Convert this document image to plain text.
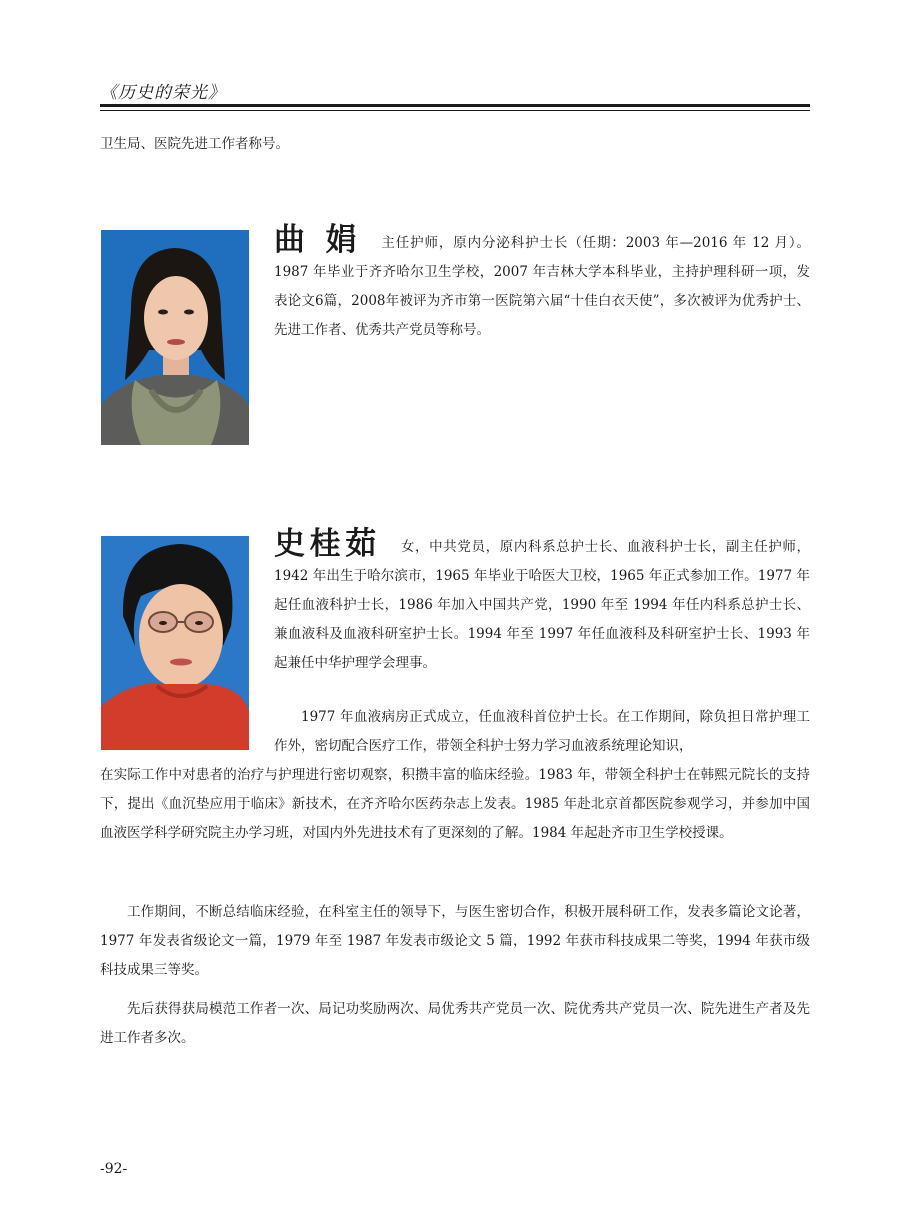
《历史的荣光》

卫生局、医院先进工作者称号。

曲 娟 主任护师，原内分泌科护士长（任期：2003 年—2016 年 12 月）。1987 年毕业于齐齐哈尔卫生学校，2007 年吉林大学本科毕业，主持护理科研一项，发表论文6篇，2008年被评为齐市第一医院第六届“十佳白衣天使”，多次被评为优秀护士、先进工作者、优秀共产党员等称号。

史桂茹 女，中共党员，原内科系总护士长、血液科护士长，副主任护师，1942 年出生于哈尔滨市，1965 年毕业于哈医大卫校，1965 年正式参加工作。1977 年起任血液科护士长，1986 年加入中国共产党，1990 年至 1994 年任内科系总护士长、兼血液科及血液科研室护士长。1994 年至 1997 年任血液科及科研室护士长、1993 年起兼任中华护理学会理事。

1977 年血液病房正式成立，任血液科首位护士长。在工作期间，除负担日常护理工作外，密切配合医疗工作，带领全科护士努力学习血液系统理论知识，

在实际工作中对患者的治疗与护理进行密切观察，积攒丰富的临床经验。1983 年，带领全科护士在韩熙元院长的支持下，提出《血沉垫应用于临床》新技术，在齐齐哈尔医药杂志上发表。1985 年赴北京首都医院参观学习，并参加中国血液医学科学研究院主办学习班，对国内外先进技术有了更深刻的了解。1984 年起赴齐市卫生学校授课。

工作期间，不断总结临床经验，在科室主任的领导下，与医生密切合作，积极开展科研工作，发表多篇论文论著，1977 年发表省级论文一篇，1979 年至 1987 年发表市级论文 5 篇，1992 年获市科技成果二等奖，1994 年获市级科技成果三等奖。

先后获得获局模范工作者一次、局记功奖励两次、局优秀共产党员一次、院优秀共产党员一次、院先进生产者及先进工作者多次。

-92-
